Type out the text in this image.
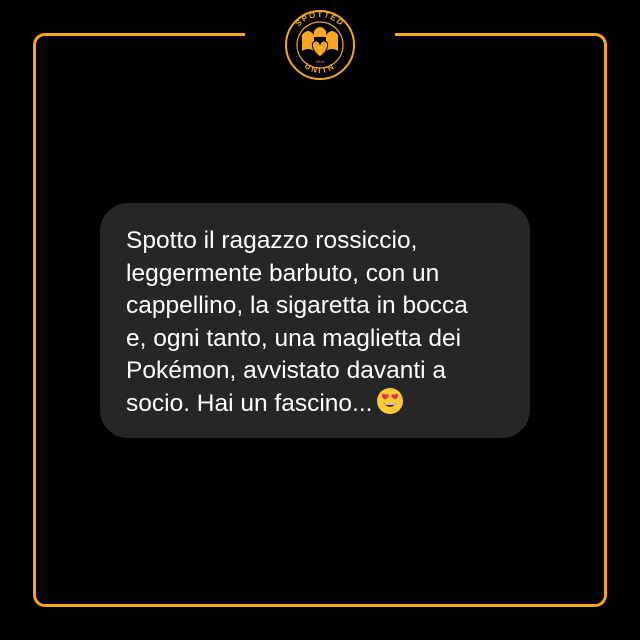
SPOTTED
UNITN
2014

Spotto il ragazzo rossiccio,
leggermente barbuto, con un
cappellino, la sigaretta in bocca
e, ogni tanto, una maglietta dei
Pokémon, avvistato davanti a
socio. Hai un fascino...
